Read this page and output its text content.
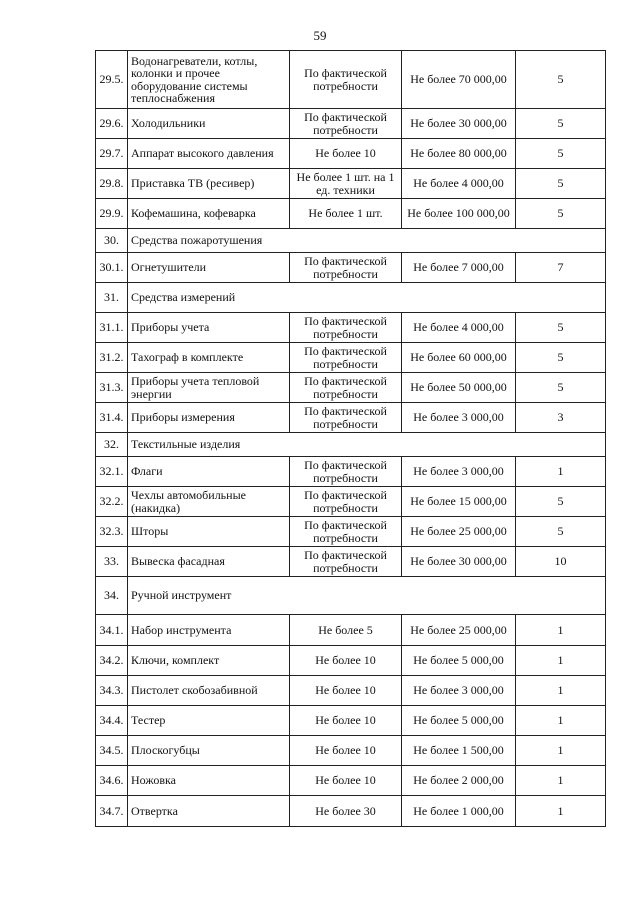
59
29.5.	Водонагреватели, котлы, колонки и прочее оборудование системы теплоснабжения	По фактической потребности	Не более 70 000,00	5
29.6.	Холодильники	По фактической потребности	Не более 30 000,00	5
29.7.	Аппарат высокого давления	Не более 10	Не более 80 000,00	5
29.8.	Приставка ТВ (ресивер)	Не более 1 шт. на 1 ед. техники	Не более 4 000,00	5
29.9.	Кофемашина, кофеварка	Не более 1 шт.	Не более 100 000,00	5
30.	Средства пожаротушения			
30.1.	Огнетушители	По фактической потребности	Не более 7 000,00	7
31.	Средства измерений			
31.1.	Приборы учета	По фактической потребности	Не более 4 000,00	5
31.2.	Тахограф в комплекте	По фактической потребности	Не более 60 000,00	5
31.3.	Приборы учета тепловой энергии	По фактической потребности	Не более 50 000,00	5
31.4.	Приборы измерения	По фактической потребности	Не более 3 000,00	3
32.	Текстильные изделия			
32.1.	Флаги	По фактической потребности	Не более 3 000,00	1
32.2.	Чехлы автомобильные (накидка)	По фактической потребности	Не более 15 000,00	5
32.3.	Шторы	По фактической потребности	Не более 25 000,00	5
33.	Вывеска фасадная	По фактической потребности	Не более 30 000,00	10
34.	Ручной инструмент			
34.1.	Набор инструмента	Не более 5	Не более 25 000,00	1
34.2.	Ключи, комплект	Не более 10	Не более 5 000,00	1
34.3.	Пистолет скобозабивной	Не более 10	Не более 3 000,00	1
34.4.	Тестер	Не более 10	Не более 5 000,00	1
34.5.	Плоскогубцы	Не более 10	Не более 1 500,00	1
34.6.	Ножовка	Не более 10	Не более 2 000,00	1
34.7.	Отвертка	Не более 30	Не более 1 000,00	1
